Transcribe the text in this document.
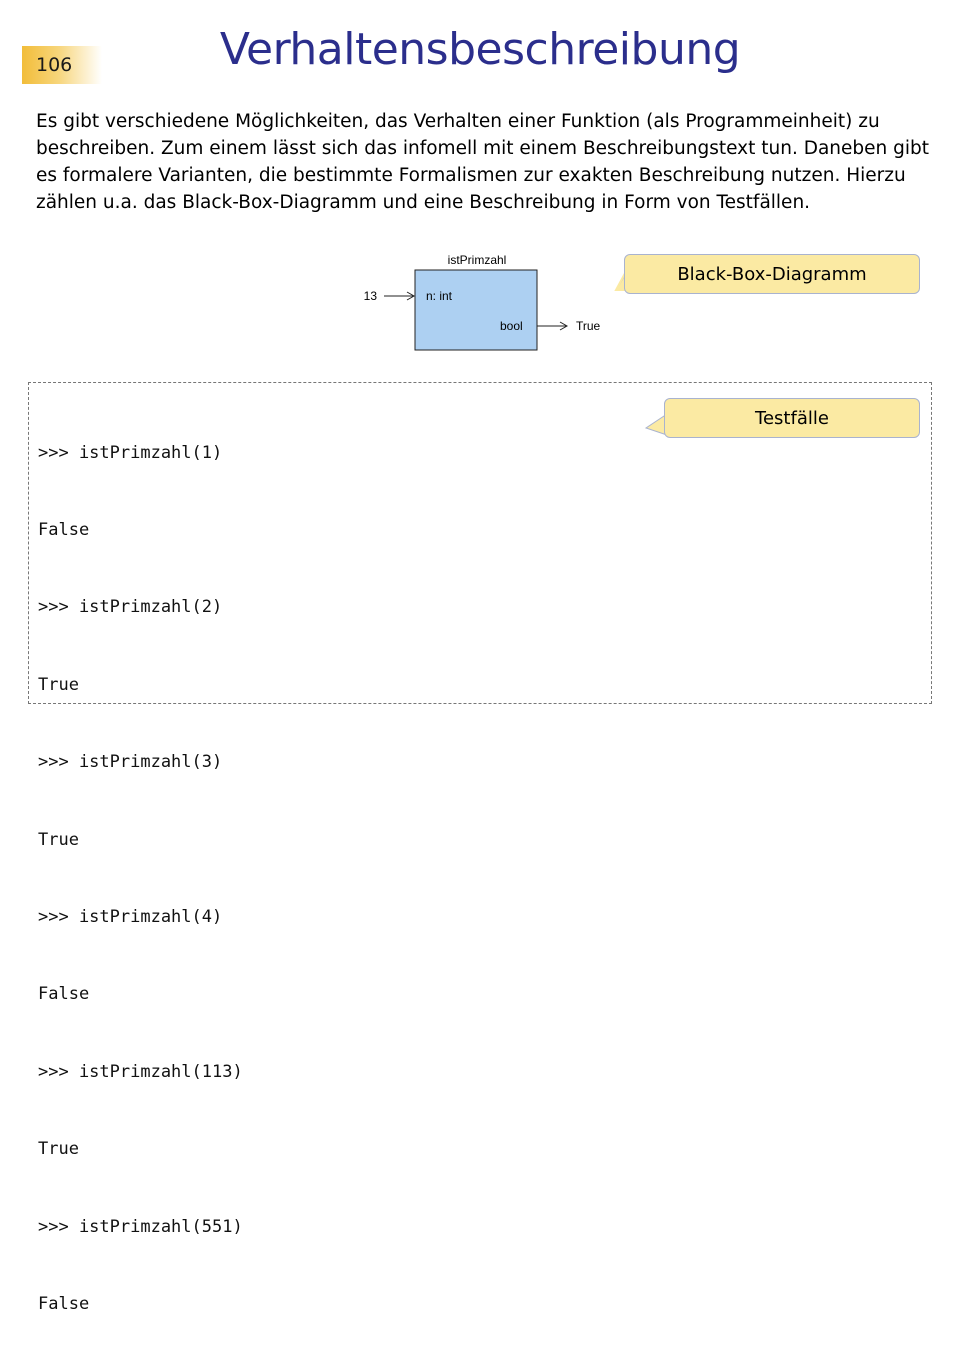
106	Verhaltensbeschreibung
Es gibt verschiedene Möglichkeiten, das Verhalten einer Funktion (als Programmeinheit) zu beschreiben. Zum einem lässt sich das infomell mit einem Beschreibungstext tun. Daneben gibt es formalere Varianten, die bestimmte Formalismen zur exakten Beschreibung nutzen. Hierzu zählen u.a. das Black-Box-Diagramm und eine Beschreibung in Form von Testfällen.
istPrimzahl
13	n: int
bool	True
Black-Box-Diagramm

>>> istPrimzahl(1)

False

>>> istPrimzahl(2)

True

>>> istPrimzahl(3)

True

>>> istPrimzahl(4)

False

>>> istPrimzahl(113)

True

>>> istPrimzahl(551)

False

Testfälle
